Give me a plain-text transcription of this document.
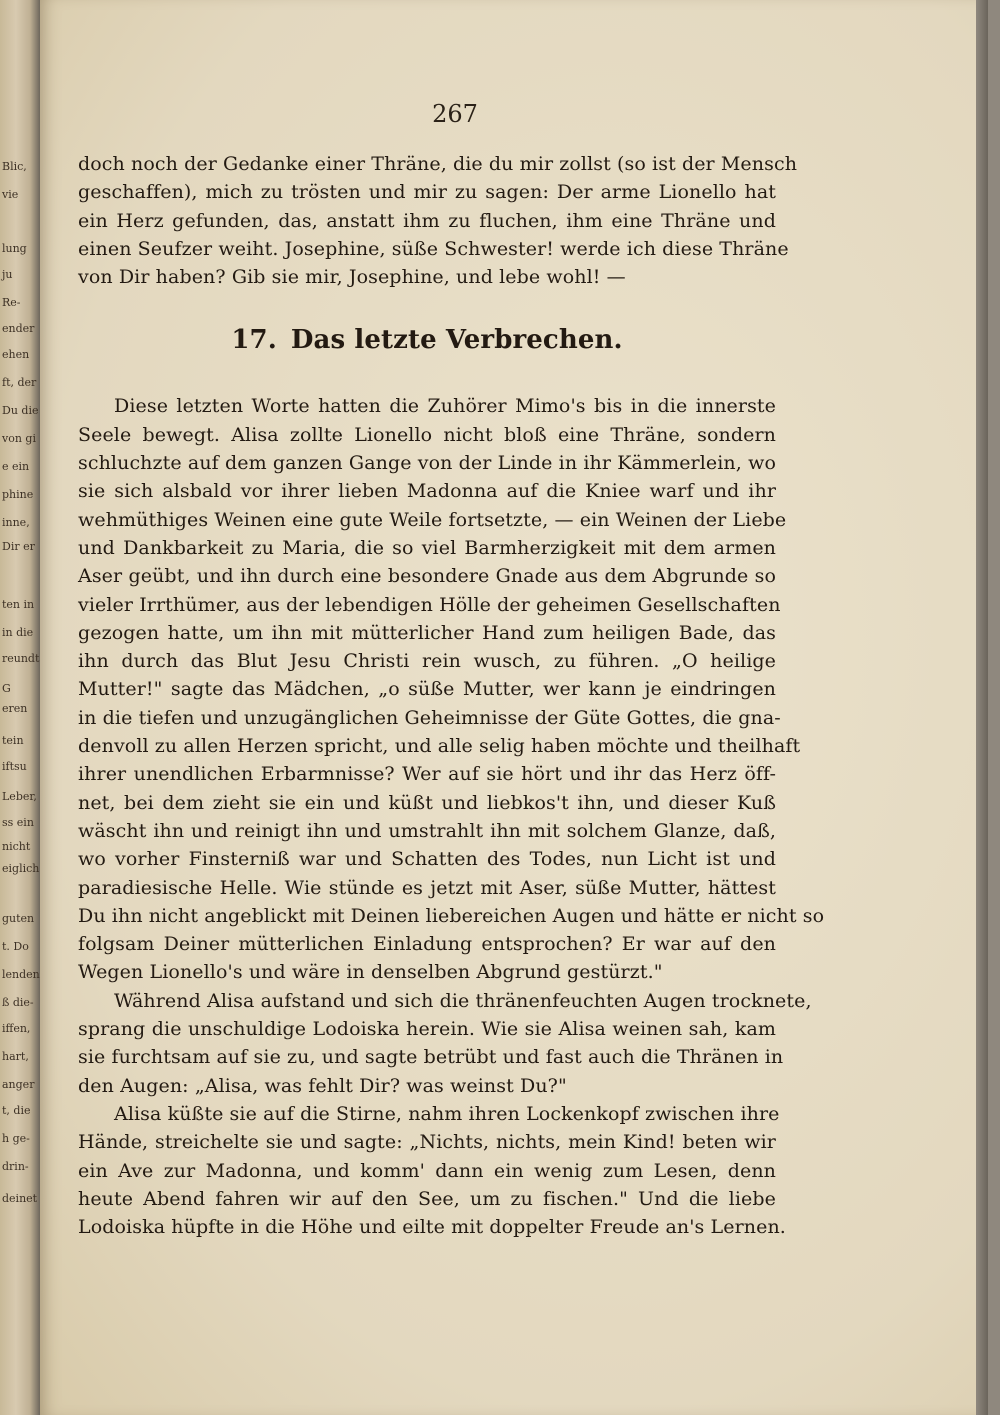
Blic,
vie
lung
ju
Re-
ender
ehen
ft, der
Du die
von gi
e ein
phine
inne,
Dir er
ten in
in die
reundt
G
eren
tein
iftsu
Leber,
ss ein
nicht
eiglich
guten
t. Do
lenden
ß die-
iffen,
hart,
anger
t, die
h ge-
drin-
deinet
267
doch noch der Gedanke einer Thräne, die du mir zollst (so ist der Mensch
geschaffen), mich zu trösten und mir zu sagen: Der arme Lionello hat
ein Herz gefunden, das, anstatt ihm zu fluchen, ihm eine Thräne und
einen Seufzer weiht. Josephine, süße Schwester! werde ich diese Thräne
von Dir haben? Gib sie mir, Josephine, und lebe wohl! —
17. Das letzte Verbrechen.
Diese letzten Worte hatten die Zuhörer Mimo's bis in die innerste
Seele bewegt. Alisa zollte Lionello nicht bloß eine Thräne, sondern
schluchzte auf dem ganzen Gange von der Linde in ihr Kämmerlein, wo
sie sich alsbald vor ihrer lieben Madonna auf die Kniee warf und ihr
wehmüthiges Weinen eine gute Weile fortsetzte, — ein Weinen der Liebe
und Dankbarkeit zu Maria, die so viel Barmherzigkeit mit dem armen
Aser geübt, und ihn durch eine besondere Gnade aus dem Abgrunde so
vieler Irrthümer, aus der lebendigen Hölle der geheimen Gesellschaften
gezogen hatte, um ihn mit mütterlicher Hand zum heiligen Bade, das
ihn durch das Blut Jesu Christi rein wusch, zu führen. „O heilige
Mutter!" sagte das Mädchen, „o süße Mutter, wer kann je eindringen
in die tiefen und unzugänglichen Geheimnisse der Güte Gottes, die gna-
denvoll zu allen Herzen spricht, und alle selig haben möchte und theilhaft
ihrer unendlichen Erbarmnisse? Wer auf sie hört und ihr das Herz öff-
net, bei dem zieht sie ein und küßt und liebkos't ihn, und dieser Kuß
wäscht ihn und reinigt ihn und umstrahlt ihn mit solchem Glanze, daß,
wo vorher Finsterniß war und Schatten des Todes, nun Licht ist und
paradiesische Helle. Wie stünde es jetzt mit Aser, süße Mutter, hättest
Du ihn nicht angeblickt mit Deinen liebereichen Augen und hätte er nicht so
folgsam Deiner mütterlichen Einladung entsprochen? Er war auf den
Wegen Lionello's und wäre in denselben Abgrund gestürzt."
Während Alisa aufstand und sich die thränenfeuchten Augen trocknete,
sprang die unschuldige Lodoiska herein. Wie sie Alisa weinen sah, kam
sie furchtsam auf sie zu, und sagte betrübt und fast auch die Thränen in
den Augen: „Alisa, was fehlt Dir? was weinst Du?"
Alisa küßte sie auf die Stirne, nahm ihren Lockenkopf zwischen ihre
Hände, streichelte sie und sagte: „Nichts, nichts, mein Kind! beten wir
ein Ave zur Madonna, und komm' dann ein wenig zum Lesen, denn
heute Abend fahren wir auf den See, um zu fischen." Und die liebe
Lodoiska hüpfte in die Höhe und eilte mit doppelter Freude an's Lernen.
